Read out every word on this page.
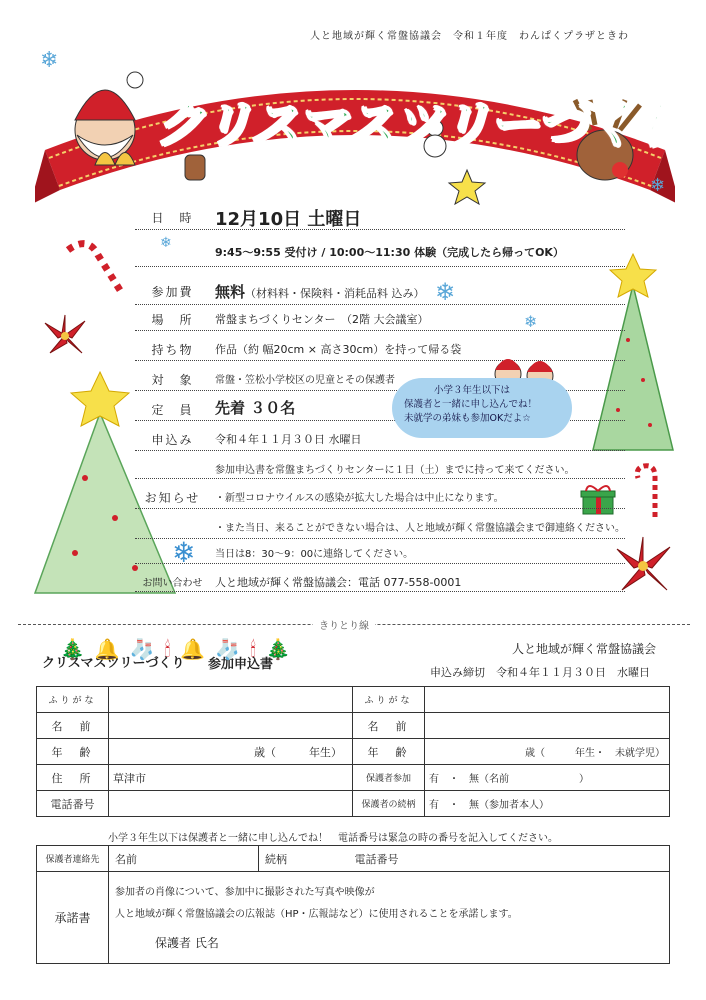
人と地域が輝く常盤協議会　令和１年度　わんぱくプラザときわ
クリスマスツリーづくり
❄
❄
❄
❄
❄
❄
日　時	12月10日 土曜日
9:45～9:55 受付け / 10:00～11:30 体験（完成したら帰ってOK）
参加費	無料（材料料・保険料・消耗品料 込み）
場　所	常盤まちづくりセンター　（2階 大会議室）
持ち物	作品（約 幅20cm × 高さ30cm）を持って帰る袋
対　象	常盤・笠松小学校区の児童とその保護者
定　員	先着 ３０名
申込み	令和４年１１月３０日 水曜日
参加申込書を常盤まちづくりセンターに１日（土）までに持って来てください。
お知らせ	・新型コロナウイルスの感染が拡大した場合は中止になります。
・また当日、来ることができない場合は、人と地域が輝く常盤協議会まで御連絡ください。
当日は8：30～9：00に連絡してください。
お問い合わせ	人と地域が輝く常盤協議会：電話 077-558-0001
小学３年生以下は
保護者と一緒に申し込んでね！
未就学の弟妹も参加OKだよ☆
きりとり線
クリスマスツリーづくり 参加申込書
🎄🔔🧦🕯🔔🧦🕯🎄	人と地域が輝く常盤協議会
申込み締切　令和４年１１月３０日　水曜日
ふりがな		ふりがな	
名　前		名　前	
年　齢	歳（　　　年生）	年　齢	歳（　　　年生・　未就学児）
住　所	草津市	保護者参加	有　・　無（名前　　　　　　　）
電話番号		保護者の続柄	有　・　無（参加者本人）
小学３年生以下は保護者と一緒に申し込んでね！　電話番号は緊急の時の番号を記入してください。
保護者連絡先	名前	続柄	電話番号
承諾書	参加者の肖像について、参加中に撮影された写真や映像が
人と地域が輝く常盤協議会の広報誌（HP・広報誌など）に使用されることを承諾します。
保護者 氏名		
